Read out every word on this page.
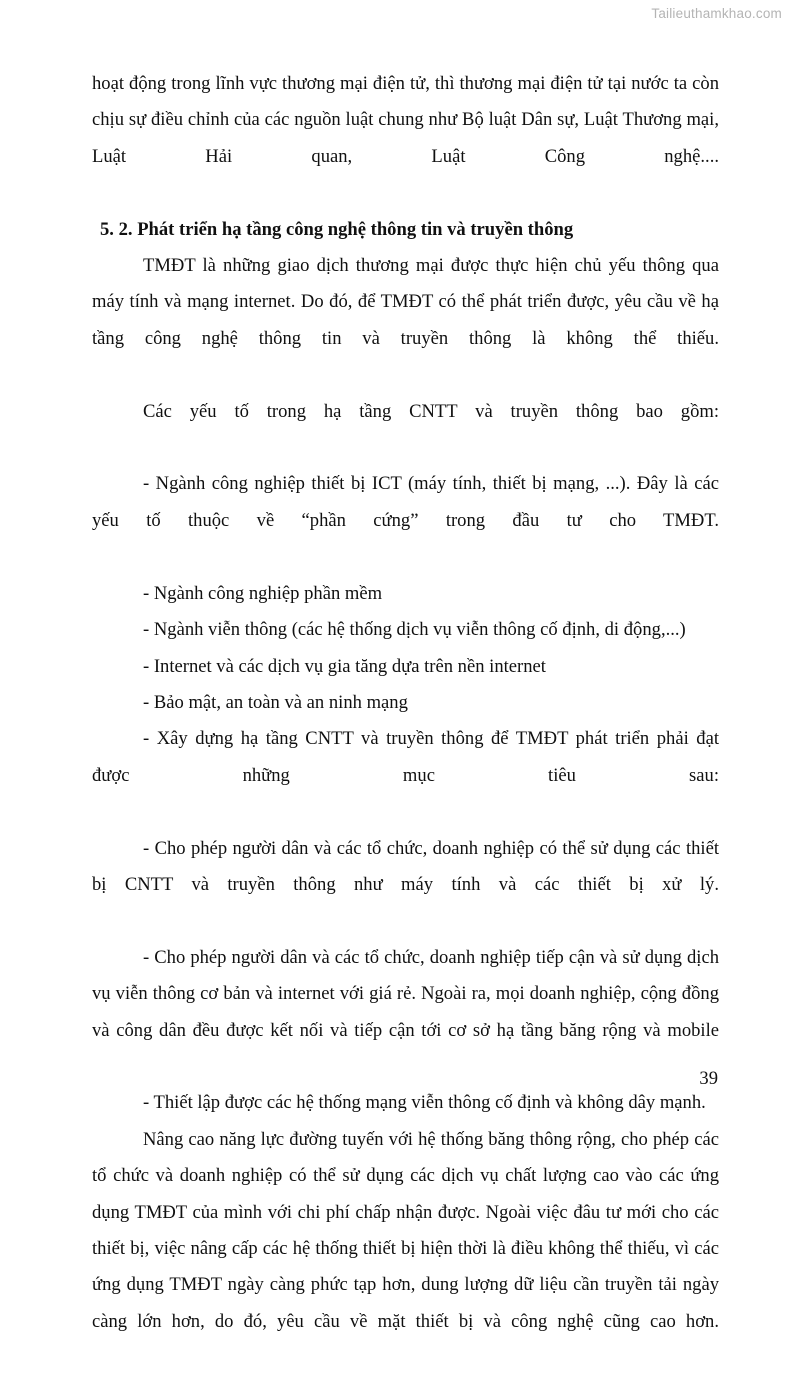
Tailieuthamkhao.com

hoạt động trong lĩnh vực thương mại điện tử, thì thương mại điện tử tại nước ta còn chịu sự điều chỉnh của các nguồn luật chung như Bộ luật Dân sự, Luật Thương mại, Luật Hải quan, Luật Công nghệ....

5. 2. Phát triển hạ tầng công nghệ thông tin và truyền thông

TMĐT là những giao dịch thương mại được thực hiện chủ yếu thông qua máy tính và mạng internet. Do đó, để TMĐT có thể phát triển được, yêu cầu về hạ tầng công nghệ thông tin và truyền thông là không thể thiếu.

Các yếu tố trong hạ tầng CNTT và truyền thông bao gồm:

- Ngành công nghiệp thiết bị ICT (máy tính, thiết bị mạng, ...). Đây là các yếu tố thuộc về “phần cứng” trong đầu tư cho TMĐT.

- Ngành công nghiệp phần mềm

- Ngành viễn thông (các hệ thống dịch vụ viễn thông cố định, di động,...)

- Internet và các dịch vụ gia tăng dựa trên nền internet

- Bảo mật, an toàn và an ninh mạng

- Xây dựng hạ tầng CNTT và truyền thông để TMĐT phát triển phải đạt được những mục tiêu sau:

- Cho phép người dân và các tổ chức, doanh nghiệp có thể sử dụng các thiết bị CNTT và truyền thông như máy tính và các thiết bị xử lý.

- Cho phép người dân và các tổ chức, doanh nghiệp tiếp cận và sử dụng dịch vụ viễn thông cơ bản và internet với giá rẻ. Ngoài ra, mọi doanh nghiệp, cộng đồng và công dân đều được kết nối và tiếp cận tới cơ sở hạ tầng băng rộng và mobile

- Thiết lập được các hệ thống mạng viễn thông cố định và không dây mạnh.

Nâng cao năng lực đường tuyến với hệ thống băng thông rộng, cho phép các tổ chức và doanh nghiệp có thể sử dụng các dịch vụ chất lượng cao vào các ứng dụng TMĐT của mình với chi phí chấp nhận được. Ngoài việc đâu tư mới cho các thiết bị, việc nâng cấp các hệ thống thiết bị hiện thời là điều không thể thiếu, vì các ứng dụng TMĐT ngày càng phức tạp hơn, dung lượng dữ liệu cần truyền tải ngày càng lớn hơn, do đó, yêu cầu về mặt thiết bị và công nghệ cũng cao hơn.

39
